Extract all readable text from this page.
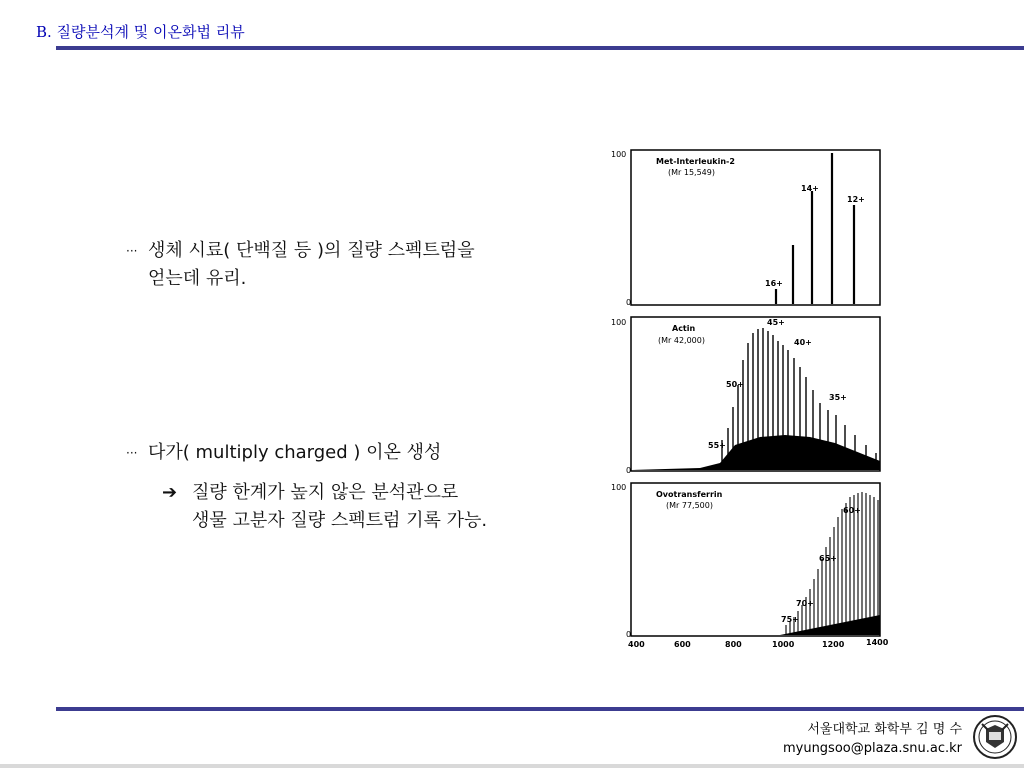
B. 질량분석계 및 이온화법 리뷰
··· 생체 시료( 단백질 등 )의 질량 스펙트럼을
얻는데 유리.
··· 다가( multiply charged ) 이온 생성
➔ 질량 한계가 높지 않은 분석관으로
생물 고분자 질량 스펙트럼 기록 가능.
100
0
Met-Interleukin-2
(Mr 15,549)
16+
14+
12+
100
0
Actin
(Mr 42,000)
45+
40+
50+
35+
55+
100
0
Ovotransferrin
(Mr 77,500)
60+
65+
70+
75+
400	600	800	1000	1200	1400
서울대학교 화학부 김 명 수
myungsoo@plaza.snu.ac.kr
